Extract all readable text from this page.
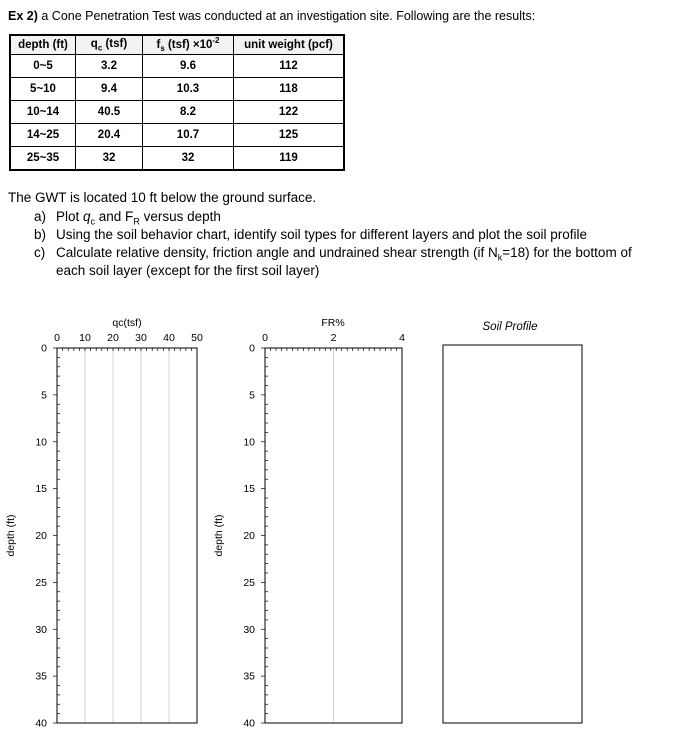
Ex 2) a Cone Penetration Test was conducted at an investigation site. Following are the results:
depth (ft)	$q_c$ (tsf)	$f_s$ $(tsf) \times 10^{-2}$	unit weight (pcf)
0~5	3.2	9.6	112
5~10	9.4	10.3	118
10~14	40.5	8.2	122
14~25	20.4	10.7	125
25~35	32	32	119
The GWT is located 10 ft below the ground surface.
a) Plot $q_c$ and $F_R$ versus depth
b) Using the soil behavior chart, identify soil types for different layers and plot the soil profile
c) Calculate relative density, friction angle and undrained shear strength (if $N_k=18$) for the bottom of
each soil layer (except for the first soil layer)
0 10 20 30 40 50
0
5
10
15
20
25
30
35
40
qc(tsf)
depth (ft)
0	2	4
0
5
10
15
20
25
30
35
40
FR%
depth (ft)
Soil Profile
